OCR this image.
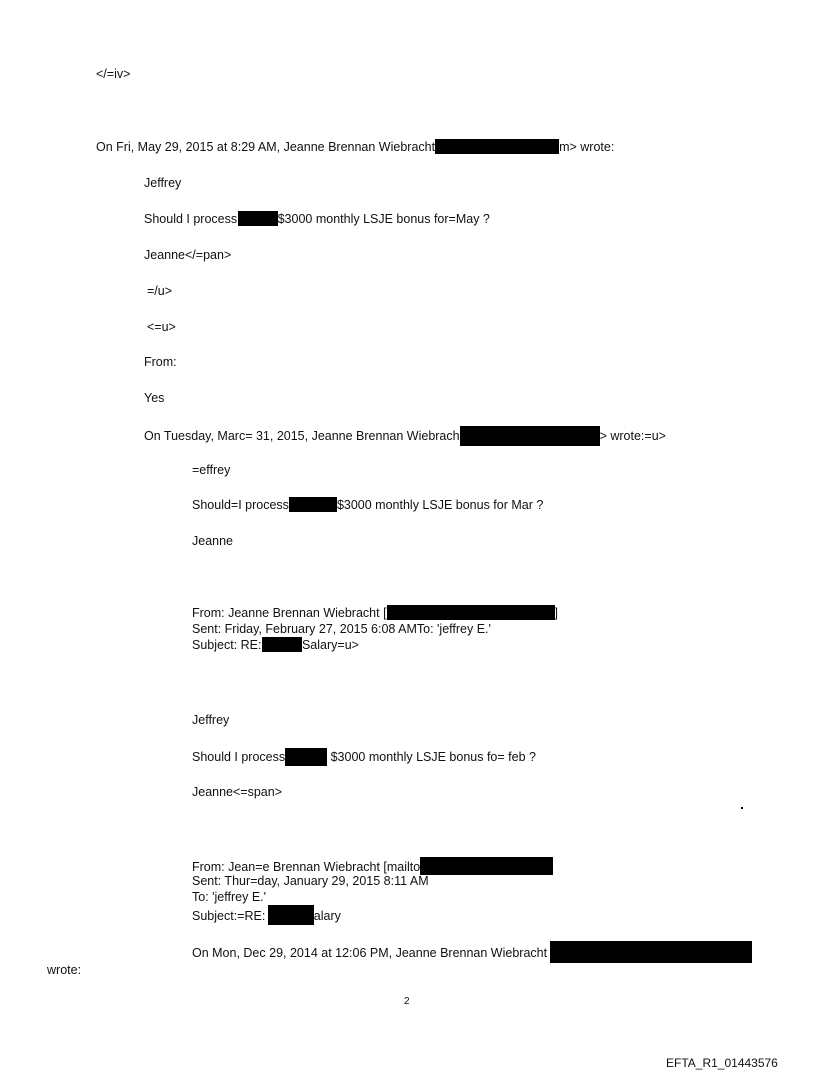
</=iv>
On Fri, May 29, 2015 at 8:29 AM, Jeanne Brennan Wiebracht	m> wrote:
Jeffrey
Should I process	$3000 monthly LSJE bonus for=May ?
Jeanne</=pan>
=/u>
<=u>
From:
Yes
On Tuesday, Marc= 31, 2015, Jeanne Brennan Wiebrach	> wrote:=u>
=effrey
Should=I process	$3000 monthly LSJE bonus for Mar ?
Jeanne
From: Jeanne Brennan Wiebracht [	]
Sent: Friday, February 27, 2015 6:08 AMTo: 'jeffrey E.'
Subject: RE:	Salary=u>
Jeffrey
Should I process	$3000 monthly LSJE bonus fo= feb ?
Jeanne<=span>
From: Jean=e Brennan Wiebracht [mailto
Sent: Thur=day, January 29, 2015 8:11 AM
To: 'jeffrey E.'
Subject:=RE:	alary
On Mon, Dec 29, 2014 at 12:06 PM, Jeanne Brennan Wiebracht
wrote:
2
EFTA_R1_01443576
